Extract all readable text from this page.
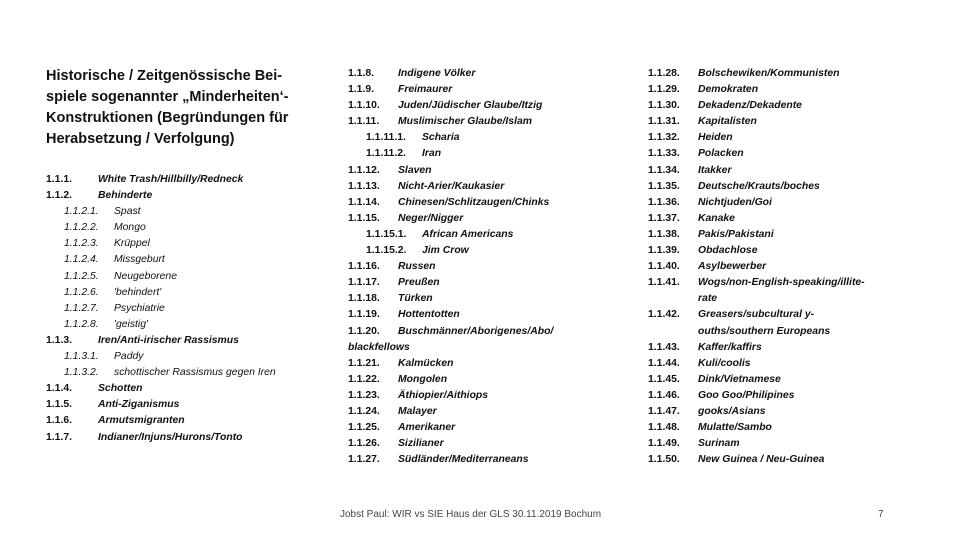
Historische / Zeitgenössische Bei-
spiele sogenannter „Minderheiten‘-
Konstruktionen (Begründungen für
Herabsetzung / Verfolgung)
1.1.1.	White Trash/Hillbilly/Redneck
1.1.2.	Behinderte
1.1.2.1. Spast
1.1.2.2. Mongo
1.1.2.3. Krüppel
1.1.2.4. Missgeburt
1.1.2.5. Neugeborene
1.1.2.6. 'behindert'
1.1.2.7. Psychiatrie
1.1.2.8. 'geistig'
1.1.3.	Iren/Anti-irischer Rassismus
1.1.3.1. Paddy
1.1.3.2. schottischer Rassismus gegen Iren
1.1.4.	Schotten
1.1.5.	Anti-Ziganismus
1.1.6.	Armutsmigranten
1.1.7.	Indianer/Injuns/Hurons/Tonto
1.1.8. Indigene Völker
1.1.9. Freimaurer
1.1.10. Juden/Jüdischer Glaube/Itzig
1.1.11. Muslimischer Glaube/Islam
1.1.11.1. Scharia
1.1.11.2. Iran
1.1.12. Slaven
1.1.13. Nicht-Arier/Kaukasier
1.1.14. Chinesen/Schlitzaugen/Chinks
1.1.15. Neger/Nigger
1.1.15.1. African Americans
1.1.15.2. Jim Crow
1.1.16. Russen
1.1.17. Preußen
1.1.18. Türken
1.1.19. Hottentotten
1.1.20. Buschmänner/Aborigenes/Abo/
blackfellows
1.1.21. Kalmücken
1.1.22. Mongolen
1.1.23. Äthiopier/Aithiops
1.1.24. Malayer
1.1.25. Amerikaner
1.1.26. Sizilianer
1.1.27. Südländer/Mediterraneans
1.1.28. Bolschewiken/Kommunisten
1.1.29. Demokraten
1.1.30. Dekadenz/Dekadente
1.1.31. Kapitalisten
1.1.32. Heiden
1.1.33. Polacken
1.1.34. Itakker
1.1.35. Deutsche/Krauts/boches
1.1.36. Nichtjuden/Goi
1.1.37. Kanake
1.1.38. Pakis/Pakistani
1.1.39. Obdachlose
1.1.40. Asylbewerber
1.1.41. Wogs/non-English-speaking/illite-
rate
1.1.42. Greasers/subcultural y-
ouths/southern Europeans
1.1.43. Kaffer/kaffirs
1.1.44. Kuli/coolis
1.1.45. Dink/Vietnamese
1.1.46. Goo Goo/Philipines
1.1.47. gooks/Asians
1.1.48. Mulatte/Sambo
1.1.49. Surinam
1.1.50. New Guinea / Neu-Guinea
Jobst Paul: WIR vs SIE Haus der GLS 30.11.2019 Bochum	7
